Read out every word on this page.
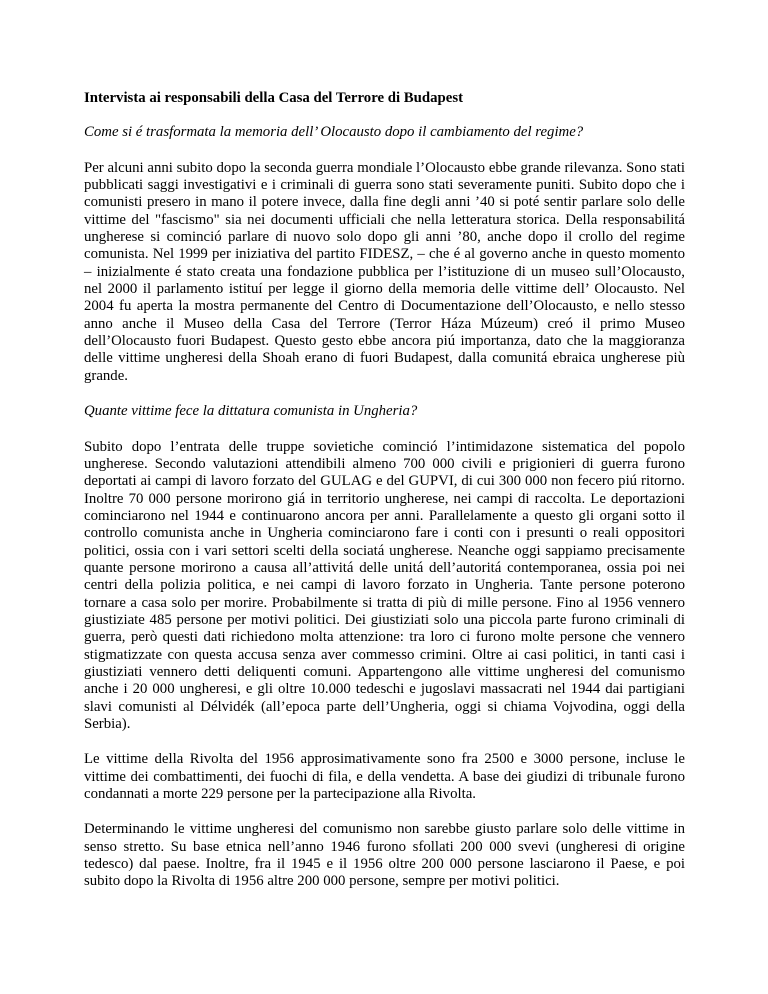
Intervista ai responsabili della Casa del Terrore di Budapest

Come si é trasformata la memoria dell’ Olocausto dopo il cambiamento del regime?

Per alcuni anni subito dopo la seconda guerra mondiale l’Olocausto ebbe grande rilevanza. Sono stati pubblicati saggi investigativi e i criminali di guerra sono stati severamente puniti. Subito dopo che i comunisti presero in mano il potere invece, dalla fine degli anni ’40 si poté sentir parlare solo delle vittime del "fascismo" sia nei documenti ufficiali che nella letteratura storica. Della responsabilitá ungherese si cominció parlare di nuovo solo dopo gli anni ’80, anche dopo il crollo del regime comunista. Nel 1999 per iniziativa del partito FIDESZ, – che é al governo anche in questo momento – inizialmente é stato creata una fondazione pubblica per l’istituzione di un museo sull’Olocausto, nel 2000 il parlamento istituí per legge il giorno della memoria delle vittime dell’ Olocausto. Nel 2004 fu aperta la mostra permanente del Centro di Documentazione dell’Olocausto, e nello stesso anno anche il Museo della Casa del Terrore (Terror Háza Múzeum) creó il primo Museo dell’Olocausto fuori Budapest. Questo gesto ebbe ancora piú importanza, dato che la maggioranza delle vittime ungheresi della Shoah erano di fuori Budapest, dalla comunitá ebraica ungherese più grande.

Quante vittime fece la dittatura comunista in Ungheria?

Subito dopo l’entrata delle truppe sovietiche cominció l’intimidazone sistematica del popolo ungherese. Secondo valutazioni attendibili almeno 700 000 civili e prigionieri di guerra furono deportati ai campi di lavoro forzato del GULAG e del GUPVI, di cui 300 000 non fecero piú ritorno. Inoltre 70 000 persone morirono giá in territorio ungherese, nei campi di raccolta. Le deportazioni cominciarono nel 1944 e continuarono ancora per anni. Parallelamente a questo gli organi sotto il controllo comunista anche in Ungheria cominciarono fare i conti con i presunti o reali oppositori politici, ossia con i vari settori scelti della sociatá ungherese. Neanche oggi sappiamo precisamente quante persone morirono a causa all’attivitá delle unitá dell’autoritá contemporanea, ossia poi nei centri della polizia politica, e nei campi di lavoro forzato in Ungheria. Tante persone poterono tornare a casa solo per morire. Probabilmente si tratta di più di mille persone. Fino al 1956 vennero giustiziate 485 persone per motivi politici. Dei giustiziati solo una piccola parte furono criminali di guerra, però questi dati richiedono molta attenzione: tra loro ci furono molte persone che vennero stigmatizzate con questa accusa senza aver commesso crimini. Oltre ai casi politici, in tanti casi i giustiziati vennero detti deliquenti comuni. Appartengono alle vittime ungheresi del comunismo anche i 20 000 ungheresi, e gli oltre 10.000 tedeschi e jugoslavi massacrati nel 1944 dai partigiani slavi comunisti al Délvidék (all’epoca parte dell’Ungheria, oggi si chiama Vojvodina, oggi della Serbia).

Le vittime della Rivolta del 1956 approsimativamente sono fra 2500 e 3000 persone, incluse le vittime dei combattimenti, dei fuochi di fila, e della vendetta. A base dei giudizi di tribunale furono condannati a morte 229 persone per la partecipazione alla Rivolta.

Determinando le vittime ungheresi del comunismo non sarebbe giusto parlare solo delle vittime in senso stretto. Su base etnica nell’anno 1946 furono sfollati 200 000 svevi (ungheresi di origine tedesco) dal paese. Inoltre, fra il 1945 e il 1956 oltre 200 000 persone lasciarono il Paese, e poi subito dopo la Rivolta di 1956 altre 200 000 persone, sempre per motivi politici.
